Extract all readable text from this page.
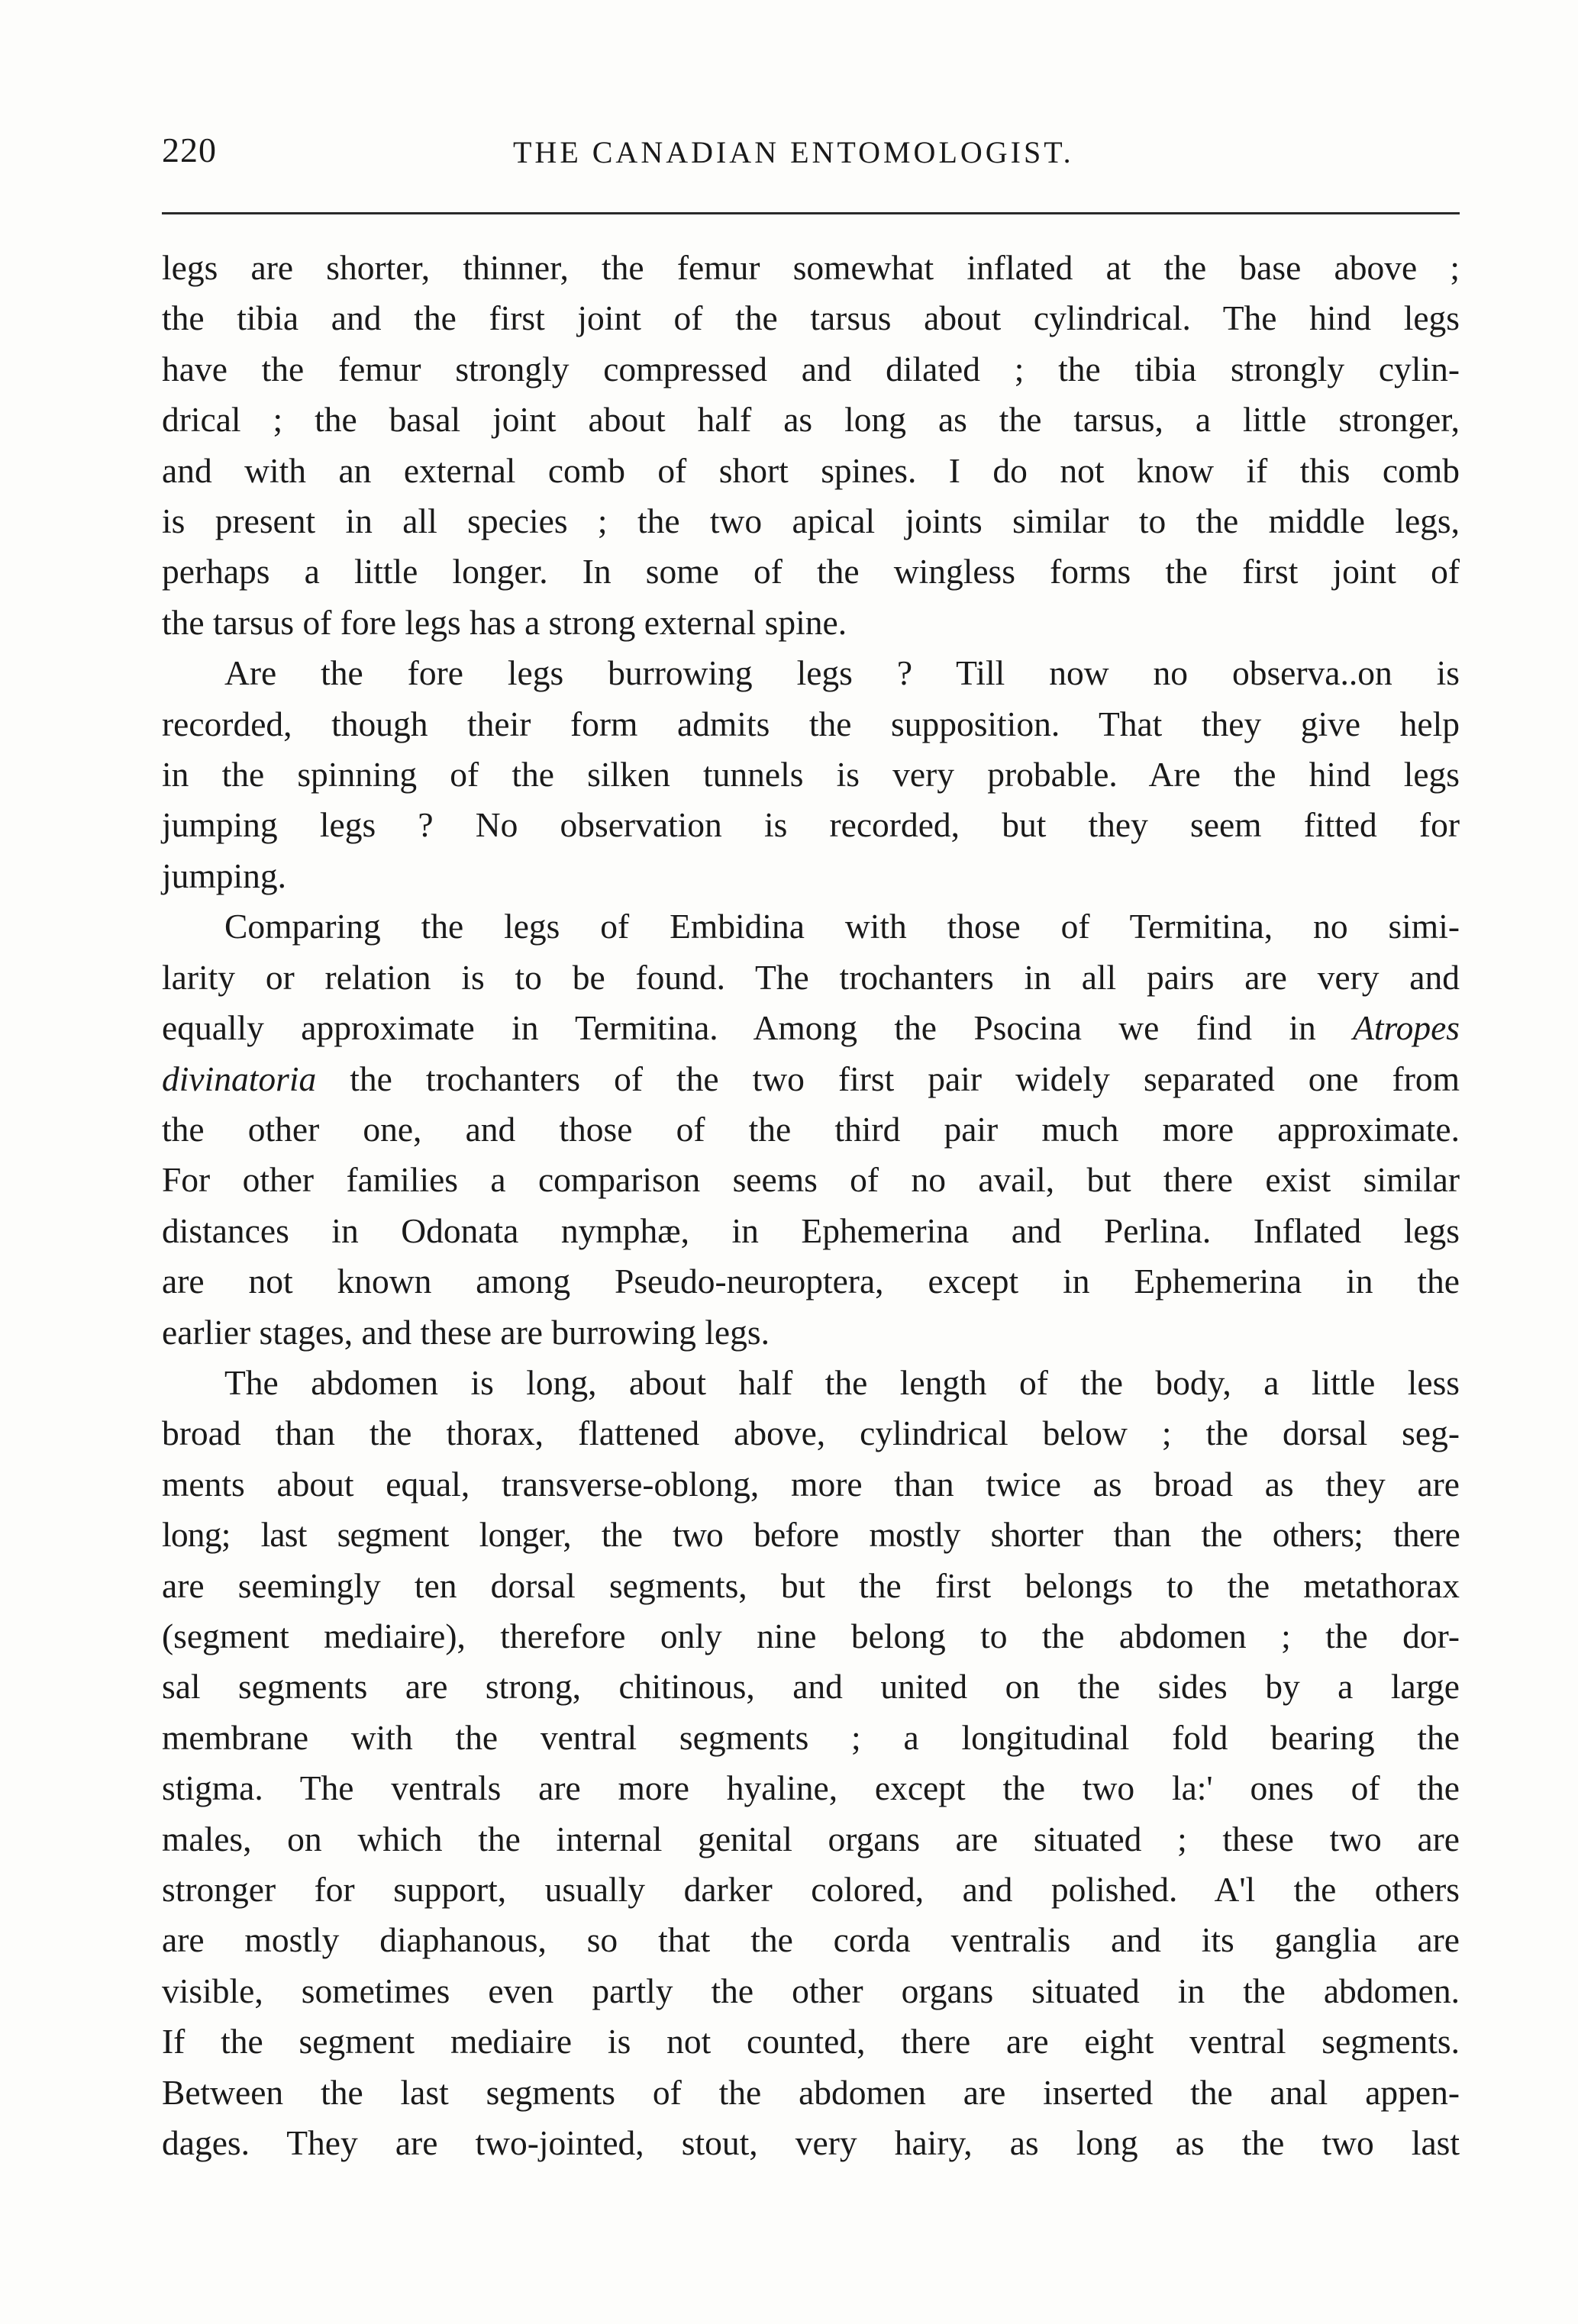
220	THE CANADIAN ENTOMOLOGIST.

legs are shorter, thinner, the femur somewhat inflated at the base above ;
the tibia and the first joint of the tarsus about cylindrical. The hind legs
have the femur strongly compressed and dilated ; the tibia strongly cylin-
drical ; the basal joint about half as long as the tarsus, a little stronger,
and with an external comb of short spines. I do not know if this comb
is present in all species ; the two apical joints similar to the middle legs,
perhaps a little longer. In some of the wingless forms the first joint of
the tarsus of fore legs has a strong external spine.

Are the fore legs burrowing legs ? Till now no observa..on is
recorded, though their form admits the supposition. That they give help
in the spinning of the silken tunnels is very probable. Are the hind legs
jumping legs ? No observation is recorded, but they seem fitted for
jumping.

Comparing the legs of Embidina with those of Termitina, no simi-
larity or relation is to be found. The trochanters in all pairs are very and
equally approximate in Termitina. Among the Psocina we find in Atropes
divinatoria the trochanters of the two first pair widely separated one from
the other one, and those of the third pair much more approximate.
For other families a comparison seems of no avail, but there exist similar
distances in Odonata nymphæ, in Ephemerina and Perlina. Inflated legs
are not known among Pseudo-neuroptera, except in Ephemerina in the
earlier stages, and these are burrowing legs.

The abdomen is long, about half the length of the body, a little less
broad than the thorax, flattened above, cylindrical below ; the dorsal seg-
ments about equal, transverse-oblong, more than twice as broad as they are
long; last segment longer, the two before mostly shorter than the others; there
are seemingly ten dorsal segments, but the first belongs to the metathorax
(segment mediaire), therefore only nine belong to the abdomen ; the dor-
sal segments are strong, chitinous, and united on the sides by a large
membrane with the ventral segments ; a longitudinal fold bearing the
stigma. The ventrals are more hyaline, except the two la:' ones of the
males, on which the internal genital organs are situated ; these two are
stronger for support, usually darker colored, and polished. A'l the others
are mostly diaphanous, so that the corda ventralis and its ganglia are
visible, sometimes even partly the other organs situated in the abdomen.
If the segment mediaire is not counted, there are eight ventral segments.
Between the last segments of the abdomen are inserted the anal appen-
dages. They are two-jointed, stout, very hairy, as long as the two last
